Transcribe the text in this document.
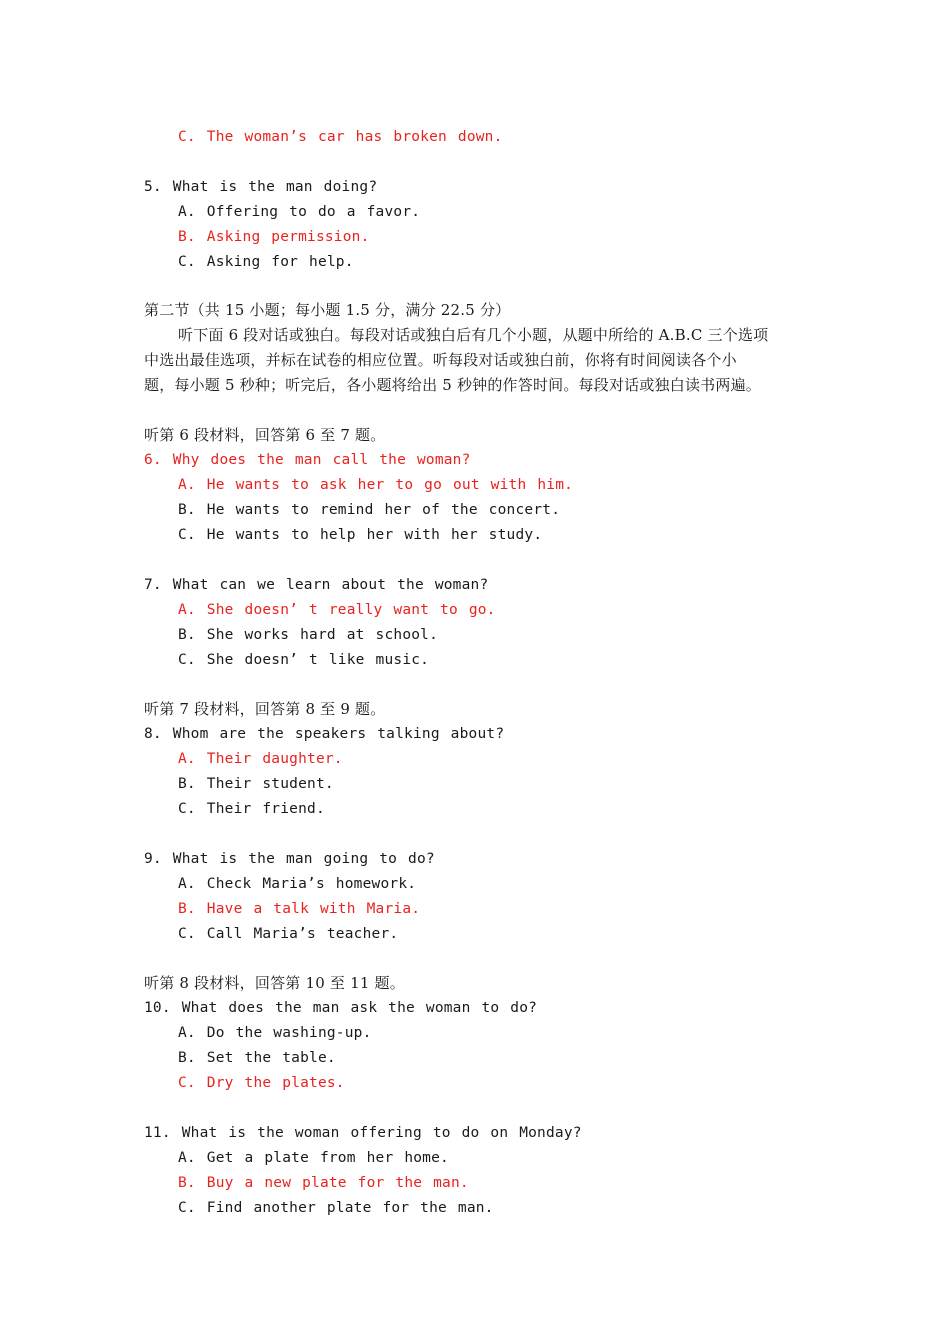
C. The woman’s car has broken down.
5. What is the man doing?
A. Offering to do a favor.
B. Asking permission.
C. Asking for help.
第二节（共 15 小题；每小题 1.5 分，满分 22.5 分）
听下面 6 段对话或独白。每段对话或独白后有几个小题，从题中所给的 A.B.C 三个选项
中选出最佳选项，并标在试卷的相应位置。听每段对话或独白前，你将有时间阅读各个小
题，每小题 5 秒种；听完后，各小题将给出 5 秒钟的作答时间。每段对话或独白读书两遍。
听第 6 段材料，回答第 6 至 7 题。
6. Why does the man call the woman?
A. He wants to ask her to go out with him.
B. He wants to remind her of the concert.
C. He wants to help her with her study.
7. What can we learn about the woman?
A. She doesn’ t really want to go.
B. She works hard at school.
C. She doesn’ t like music.
听第 7 段材料，回答第 8 至 9 题。
8. Whom are the speakers talking about?
A. Their daughter.
B. Their student.
C. Their friend.
9. What is the man going to do?
A. Check Maria’s homework.
B. Have a talk with Maria.
C. Call Maria’s teacher.
听第 8 段材料，回答第 10 至 11 题。
10. What does the man ask the woman to do?
A. Do the washing-up.
B. Set the table.
C. Dry the plates.
11. What is the woman offering to do on Monday?
A. Get a plate from her home.
B. Buy a new plate for the man.
C. Find another plate for the man.
